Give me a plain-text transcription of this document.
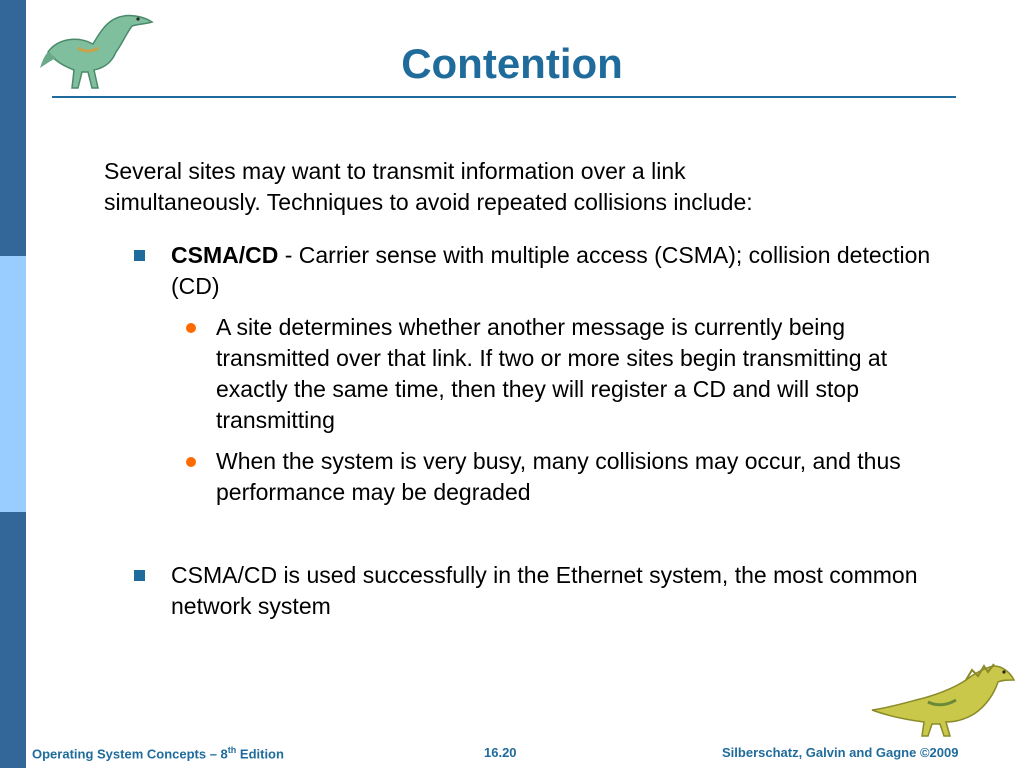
Contention
Several sites may want to transmit information over a link
simultaneously. Techniques to avoid repeated collisions include:
CSMA/CD - Carrier sense with multiple access (CSMA); collision detection (CD)
A site determines whether another message is currently being transmitted over that link. If two or more sites begin transmitting at exactly the same time, then they will register a CD and will stop transmitting
When the system is very busy, many collisions may occur, and thus performance may be degraded
CSMA/CD is used successfully in the Ethernet system, the most common network system
Operating System Concepts – 8th Edition	16.20	Silberschatz, Galvin and Gagne ©2009
